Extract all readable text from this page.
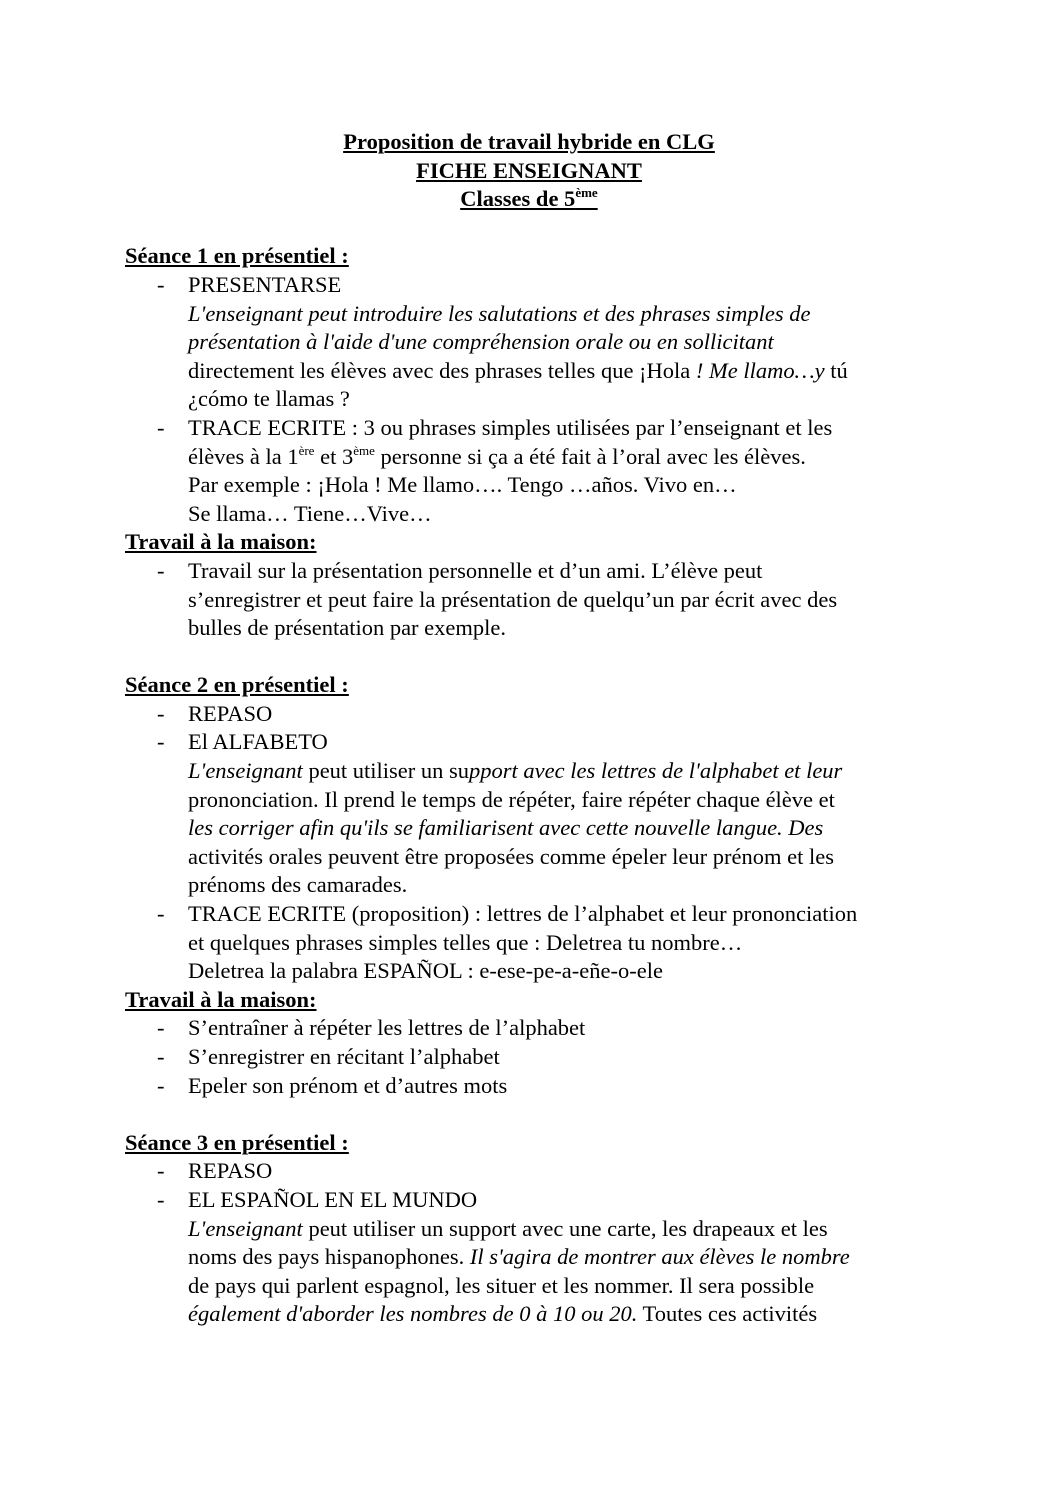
Proposition de travail hybride en CLG
FICHE ENSEIGNANT
Classes de 5ème
Séance 1 en présentiel :
- PRESENTARSE
L'enseignant peut introduire les salutations et des phrases simples de
présentation à l'aide d'une compréhension orale ou en sollicitant
directement les élèves avec des phrases telles que ¡Hola ! Me llamo…y tú
¿cómo te llamas ?
- TRACE ECRITE : 3 ou phrases simples utilisées par l’enseignant et les
élèves à la 1ère et 3ème personne si ça a été fait à l’oral avec les élèves.
Par exemple : ¡Hola ! Me llamo…. Tengo …años. Vivo en…
Se llama… Tiene…Vive…
Travail à la maison:
- Travail sur la présentation personnelle et d’un ami. L’élève peut
s’enregistrer et peut faire la présentation de quelqu’un par écrit avec des
bulles de présentation par exemple.
Séance 2 en présentiel :
- REPASO
- El ALFABETO
L'enseignant peut utiliser un support avec les lettres de l'alphabet et leur
prononciation. Il prend le temps de répéter, faire répéter chaque élève et
les corriger afin qu'ils se familiarisent avec cette nouvelle langue. Des
activités orales peuvent être proposées comme épeler leur prénom et les
prénoms des camarades.
- TRACE ECRITE (proposition) : lettres de l’alphabet et leur prononciation
et quelques phrases simples telles que : Deletrea tu nombre…
Deletrea la palabra ESPAÑOL : e-ese-pe-a-eñe-o-ele
Travail à la maison:
- S’entraîner à répéter les lettres de l’alphabet
- S’enregistrer en récitant l’alphabet
- Epeler son prénom et d’autres mots
Séance 3 en présentiel :
- REPASO
- EL ESPAÑOL EN EL MUNDO
L'enseignant peut utiliser un support avec une carte, les drapeaux et les
noms des pays hispanophones. Il s'agira de montrer aux élèves le nombre
de pays qui parlent espagnol, les situer et les nommer. Il sera possible
également d'aborder les nombres de 0 à 10 ou 20. Toutes ces activités
